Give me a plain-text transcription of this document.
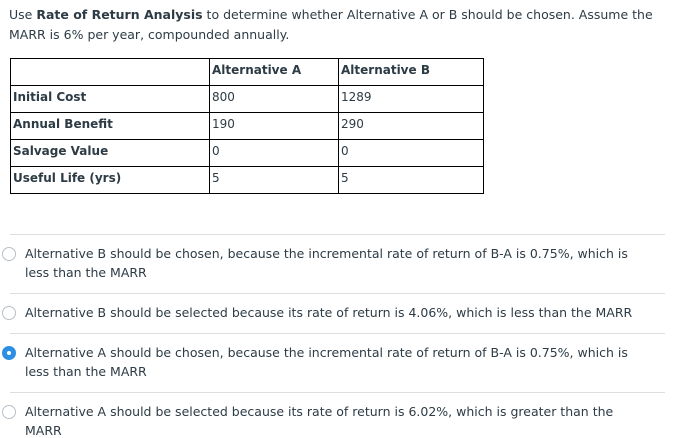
Use Rate of Return Analysis to determine whether Alternative A or B should be chosen. Assume the MARR is 6% per year, compounded annually.
	Alternative A	Alternative B
Initial Cost	800	1289
Annual Benefit	190	290
Salvage Value	0	0
Useful Life (yrs)	5	5
Alternative B should be chosen, because the incremental rate of return of B-A is 0.75%, which is less than the MARR
Alternative B should be selected because its rate of return is 4.06%, which is less than the MARR
Alternative A should be chosen, because the incremental rate of return of B-A is 0.75%, which is less than the MARR
Alternative A should be selected because its rate of return is 6.02%, which is greater than the MARR
